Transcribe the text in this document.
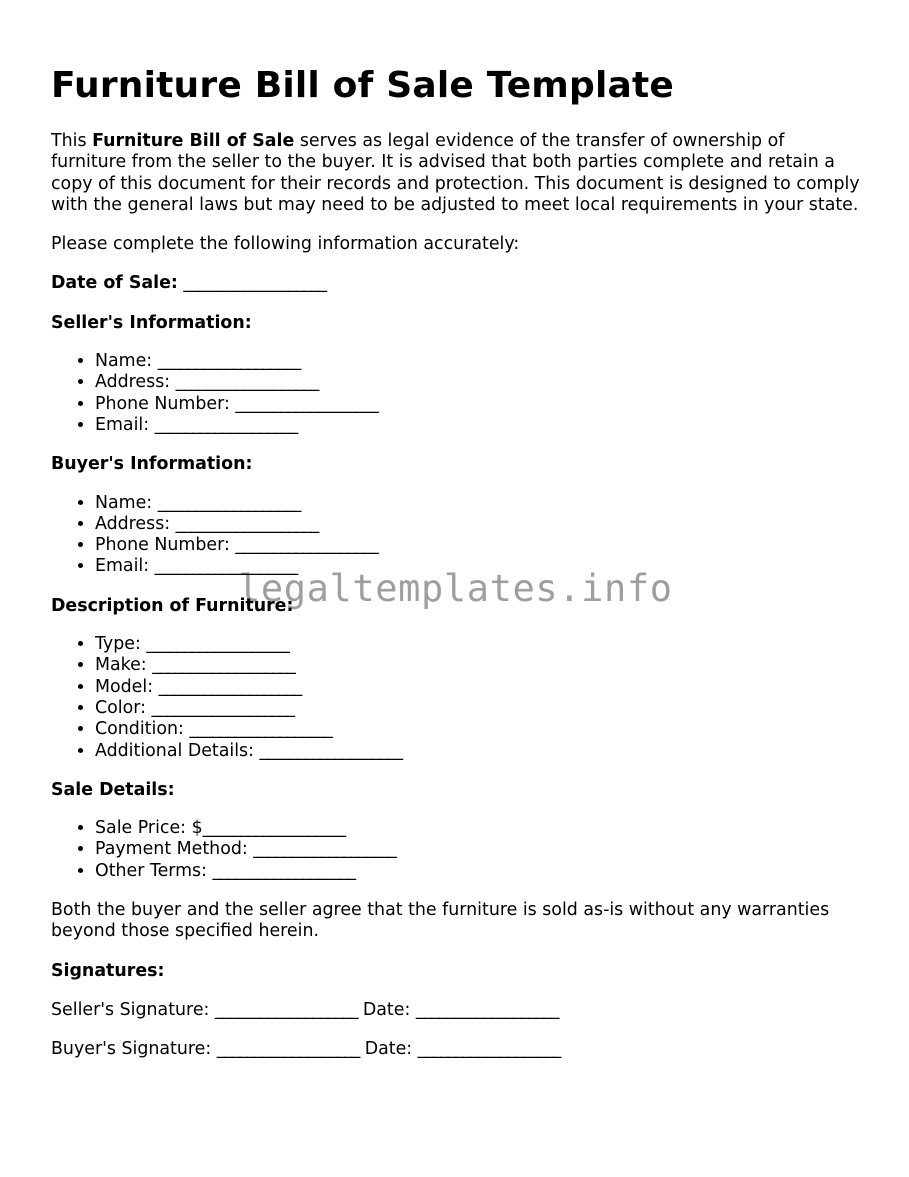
Furniture Bill of Sale Template

This Furniture Bill of Sale serves as legal evidence of the transfer of ownership of furniture from the seller to the buyer. It is advised that both parties complete and retain a copy of this document for their records and protection. This document is designed to comply with the general laws but may need to be adjusted to meet local requirements in your state.

Please complete the following information accurately:

Date of Sale: ___________________

Seller's Information:

• Name: ___________________
• Address: ___________________
• Phone Number: ___________________
• Email: ___________________

Buyer's Information:

• Name: ___________________
• Address: ___________________
• Phone Number: ___________________
• Email: ___________________

Description of Furniture:

• Type: ___________________
• Make: ___________________
• Model: ___________________
• Color: ___________________
• Condition: ___________________
• Additional Details: ___________________

Sale Details:

• Sale Price: $___________________
• Payment Method: ___________________
• Other Terms: ___________________

Both the buyer and the seller agree that the furniture is sold as-is without any warranties beyond those specified herein.

Signatures:

Seller's Signature: ___________________ Date: ___________________

Buyer's Signature: ___________________ Date: ___________________

legaltemplates.info
